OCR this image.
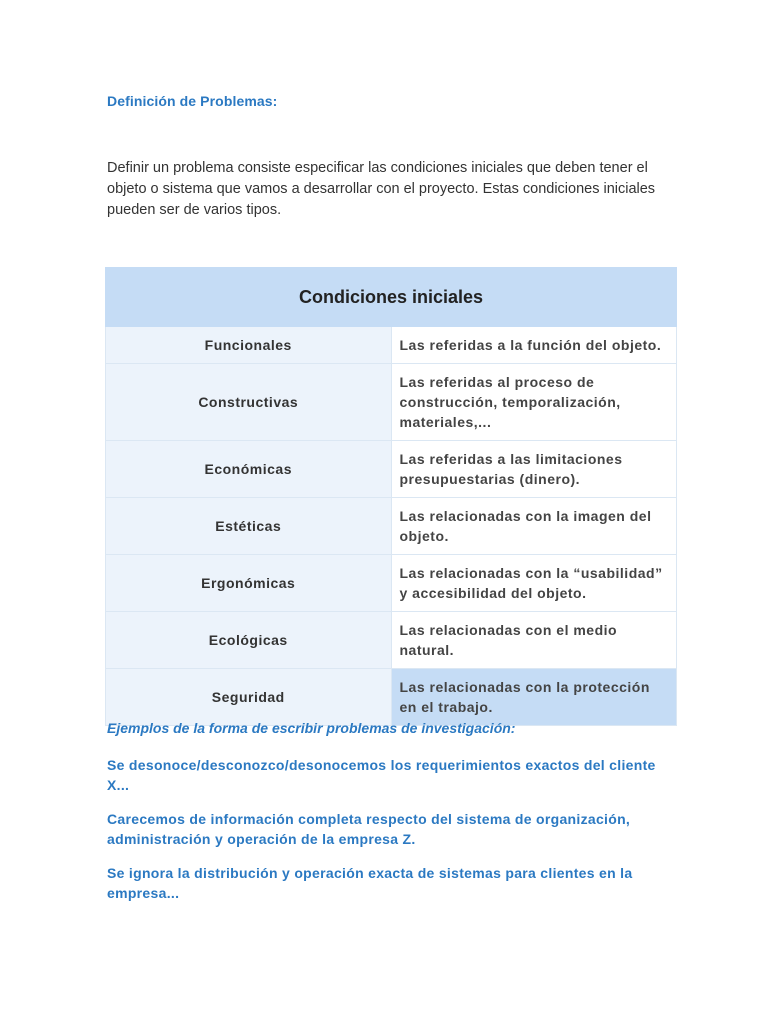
Definición de Problemas:
Definir un problema consiste especificar las condiciones iniciales que deben tener el objeto o sistema que vamos a desarrollar con el proyecto. Estas condiciones iniciales pueden ser de varios tipos.
Condiciones iniciales	
Funcionales	Las referidas a la función del objeto.
Constructivas	Las referidas al proceso de construcción, temporalización, materiales,...
Económicas	Las referidas a las limitaciones presupuestarias (dinero).
Estéticas	Las relacionadas con la imagen del objeto.
Ergonómicas	Las relacionadas con la “usabilidad” y accesibilidad del objeto.
Ecológicas	Las relacionadas con el medio natural.
Seguridad	Las relacionadas con la protección en el trabajo.

Ejemplos de la forma de escribir problemas de investigación:

Se desonoce/desconozco/desonocemos los requerimientos exactos del cliente X...

Carecemos de información completa respecto del sistema de organización, administración y operación de la empresa Z.

Se ignora la distribución y operación exacta de sistemas para clientes en la empresa...
